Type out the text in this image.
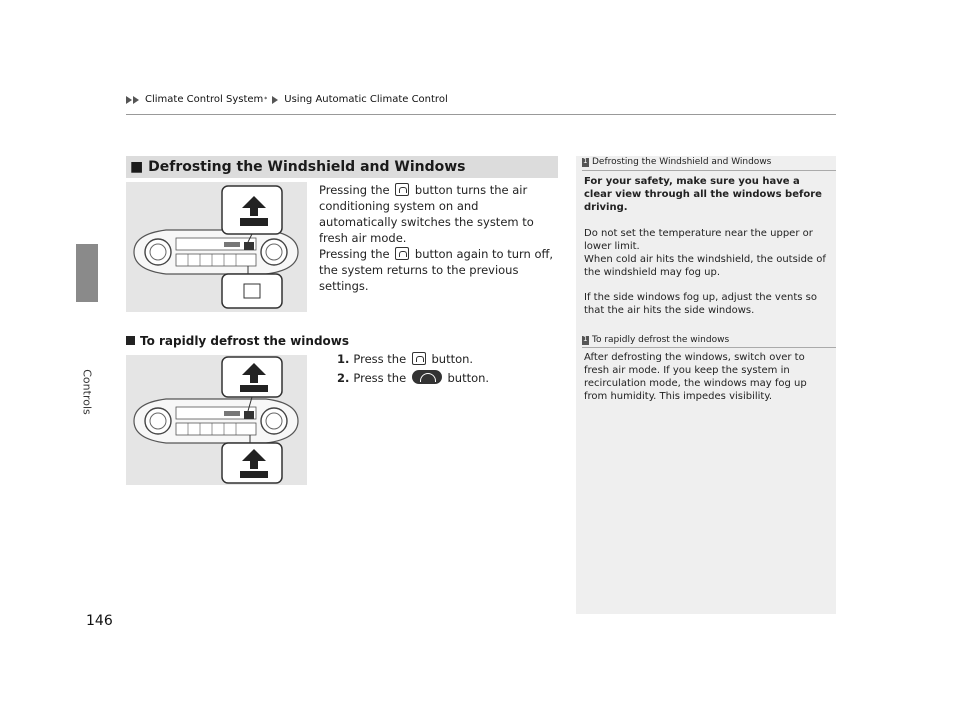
Climate Control System * Using Automatic Climate Control
Controls
146
■ Defrosting the Windshield and Windows
Pressing the button turns the air conditioning system on and automatically switches the system to fresh air mode.
Pressing the button again to turn off, the system returns to the previous settings.
To rapidly defrost the windows
1. Press the button.
2. Press the	button.
1
Defrosting the Windshield and Windows

For your safety, make sure you have a clear view through all the windows before driving.

Do not set the temperature near the upper or lower limit.

When cold air hits the windshield, the outside of the windshield may fog up.

If the side windows fog up, adjust the vents so that the air hits the side windows.

1
To rapidly defrost the windows

After defrosting the windows, switch over to fresh air mode. If you keep the system in recirculation mode, the windows may fog up from humidity. This impedes visibility.
